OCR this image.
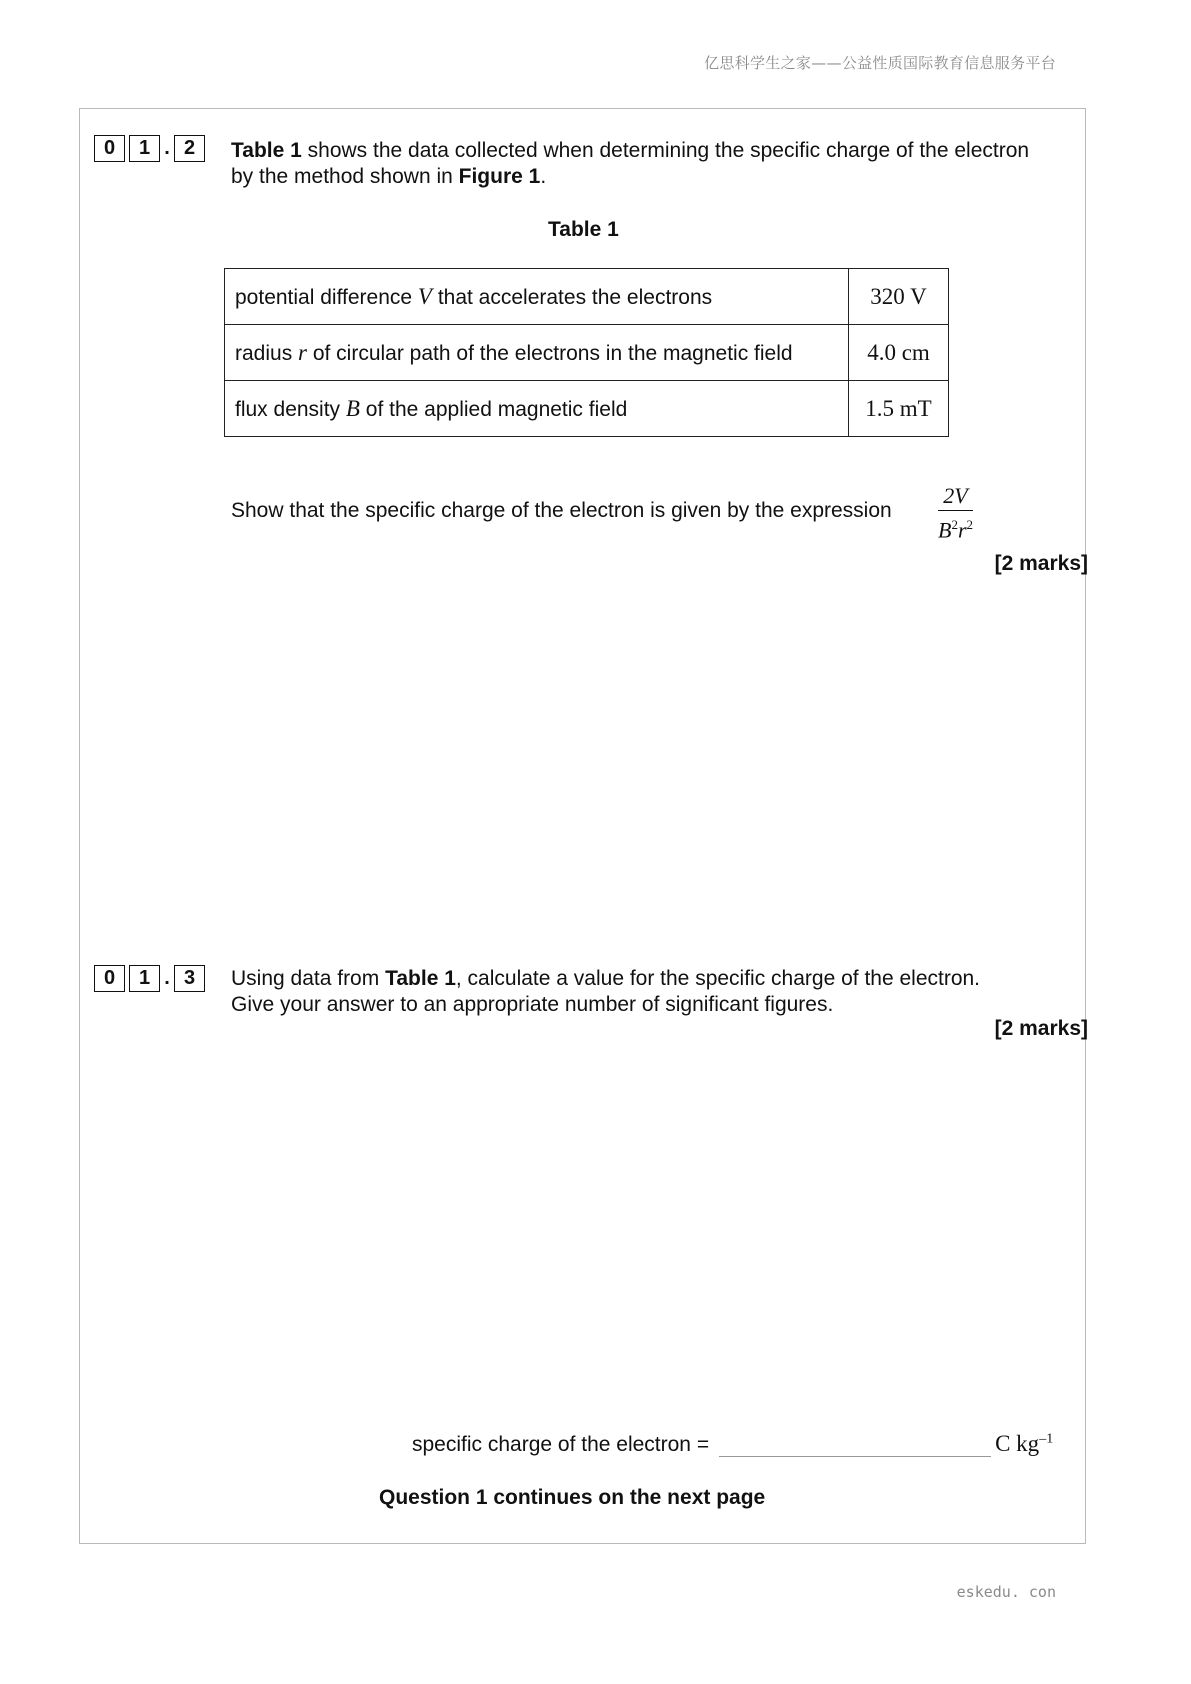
亿思科学生之家——公益性质国际教育信息服务平台
0	1 . 2	Table 1 shows the data collected when determining the specific charge of the electron
by the method shown in Figure 1.
Table 1
potential difference V that accelerates the electrons	320 V
radius r of circular path of the electrons in the magnetic field	4.0 cm
flux density B of the applied magnetic field	1.5 mT
Show that the specific charge of the electron is given by the expression $\frac{2V}{B^2r^2}$
[2 marks]
0	1 . 3	Using data from Table 1, calculate a value for the specific charge of the electron.
Give your answer to an appropriate number of significant figures.
[2 marks]
specific charge of the electron =	C $kg^{-1}$
Question 1 continues on the next page
eskedu. con
